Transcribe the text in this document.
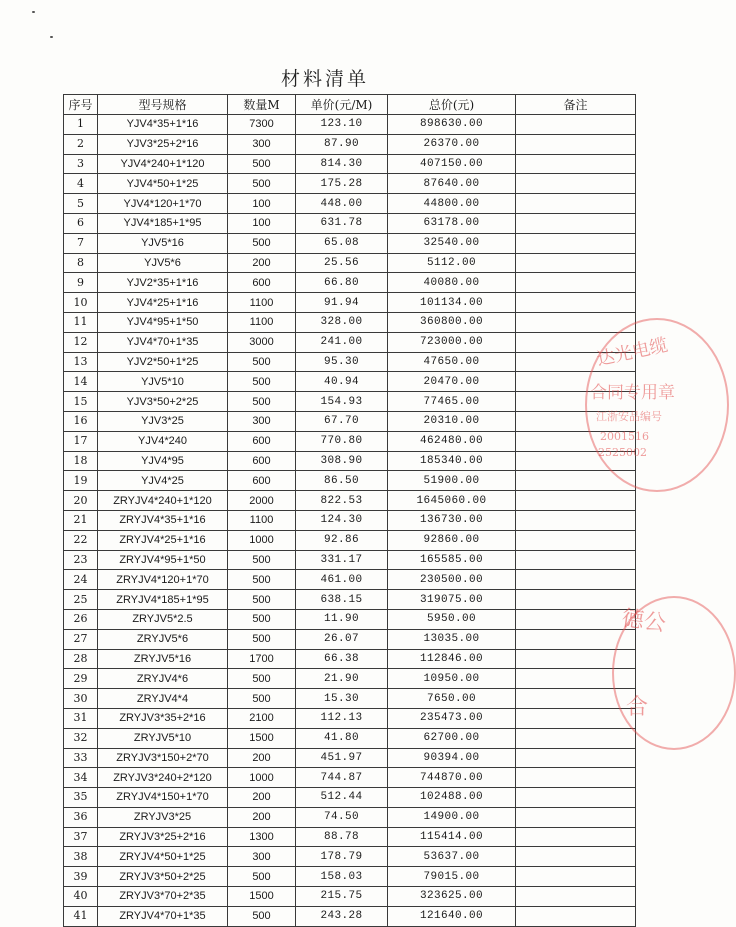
材料清单
序号	型号规格	数量M	单价(元/M)	总价(元)	备注
1	YJV4*35+1*16	7300	123.10	898630.00	
2	YJV3*25+2*16	300	87.90	26370.00	
3	YJV4*240+1*120	500	814.30	407150.00	
4	YJV4*50+1*25	500	175.28	87640.00	
5	YJV4*120+1*70	100	448.00	44800.00	
6	YJV4*185+1*95	100	631.78	63178.00	
7	YJV5*16	500	65.08	32540.00	
8	YJV5*6	200	25.56	5112.00	
9	YJV2*35+1*16	600	66.80	40080.00	
10	YJV4*25+1*16	1100	91.94	101134.00	
11	YJV4*95+1*50	1100	328.00	360800.00	
12	YJV4*70+1*35	3000	241.00	723000.00	
13	YJV2*50+1*25	500	95.30	47650.00	
14	YJV5*10	500	40.94	20470.00	
15	YJV3*50+2*25	500	154.93	77465.00	
16	YJV3*25	300	67.70	20310.00	
17	YJV4*240	600	770.80	462480.00	
18	YJV4*95	600	308.90	185340.00	
19	YJV4*25	600	86.50	51900.00	
20	ZRYJV4*240+1*120	2000	822.53	1645060.00	
21	ZRYJV4*35+1*16	1100	124.30	136730.00	
22	ZRYJV4*25+1*16	1000	92.86	92860.00	
23	ZRYJV4*95+1*50	500	331.17	165585.00	
24	ZRYJV4*120+1*70	500	461.00	230500.00	
25	ZRYJV4*185+1*95	500	638.15	319075.00	
26	ZRYJV5*2.5	500	11.90	5950.00	
27	ZRYJV5*6	500	26.07	13035.00	
28	ZRYJV5*16	1700	66.38	112846.00	
29	ZRYJV4*6	500	21.90	10950.00	
30	ZRYJV4*4	500	15.30	7650.00	
31	ZRYJV3*35+2*16	2100	112.13	235473.00	
32	ZRYJV5*10	1500	41.80	62700.00	
33	ZRYJV3*150+2*70	200	451.97	90394.00	
34	ZRYJV3*240+2*120	1000	744.87	744870.00	
35	ZRYJV4*150+1*70	200	512.44	102488.00	
36	ZRYJV3*25	200	74.50	14900.00	
37	ZRYJV3*25+2*16	1300	88.78	115414.00	
38	ZRYJV4*50+1*25	300	178.79	53637.00	
39	ZRYJV3*50+2*25	500	158.03	79015.00	
40	ZRYJV3*70+2*35	1500	215.75	323625.00	
41	ZRYJV4*70+1*35	500	243.28	121640.00	
达光电缆
合同专用章
江浙安品编号
2001516
2525002
德公
合
